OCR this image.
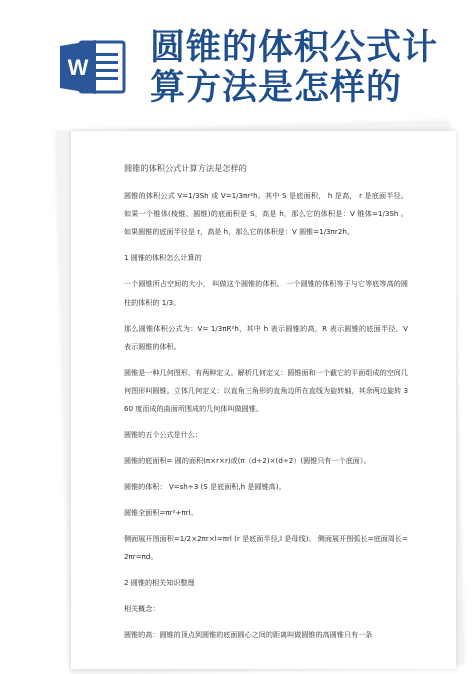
W 圆锥的体积公式计算方法是怎样的
圆锥的体积公式计算方法是怎样的

圆锥的体积公式 V=1/3Sh 或 V=1/3πr²h。其中 S 是底面积， h 是高， r 是底面半径。如果一个锥体(棱锥、圆锥)的底面积是 S，高是 h，那么它的体积是：V 锥体=1/3Sh 。 如果圆锥的底面半径是 r，高是 h，那么它的体积是：V 圆锥=1/3πr2h。

1 圆锥的体积怎么计算的

一个圆锥所占空间的大小， 叫做这个圆锥的体积。 一个圆锥的体积等于与它等底等高的圆柱的体积的 1/3。

那么圆锥体积公式为：V= 1/3πR²h，其中 h 表示圆锥的高，R 表示圆锥的底面半径，V 表示圆锥的体积。

圆锥是一种几何图形，有两种定义。解析几何定义：圆锥面和一个截它的平面组成的空间几何图形叫圆锥。立体几何定义：以直角三角形的直角边所在直线为旋转轴，其余两边旋转 360 度而成的曲面所围成的几何体叫做圆锥。

圆锥的五个公式是什么：

圆锥的底面积= 圆的面积(π×r×r)或(π（d÷2)×(d÷2）(圆锥只有一个底面）。

圆锥的体积： V=sh÷3 (S 是底面积,h 是圆锥高)。

圆锥全面积=πr²+πrl。

侧面展开图面积=1/2×2πr×l=πrl (r 是底面半径,l 是母线)。 侧面展开图弧长=底面周长=2πr=πd。

2 圆锥的相关知识整理

相关概念：

圆锥的高：圆锥的顶点到圆锥的底面圆心之间的距离叫做圆锥的高圆锥只有一条
